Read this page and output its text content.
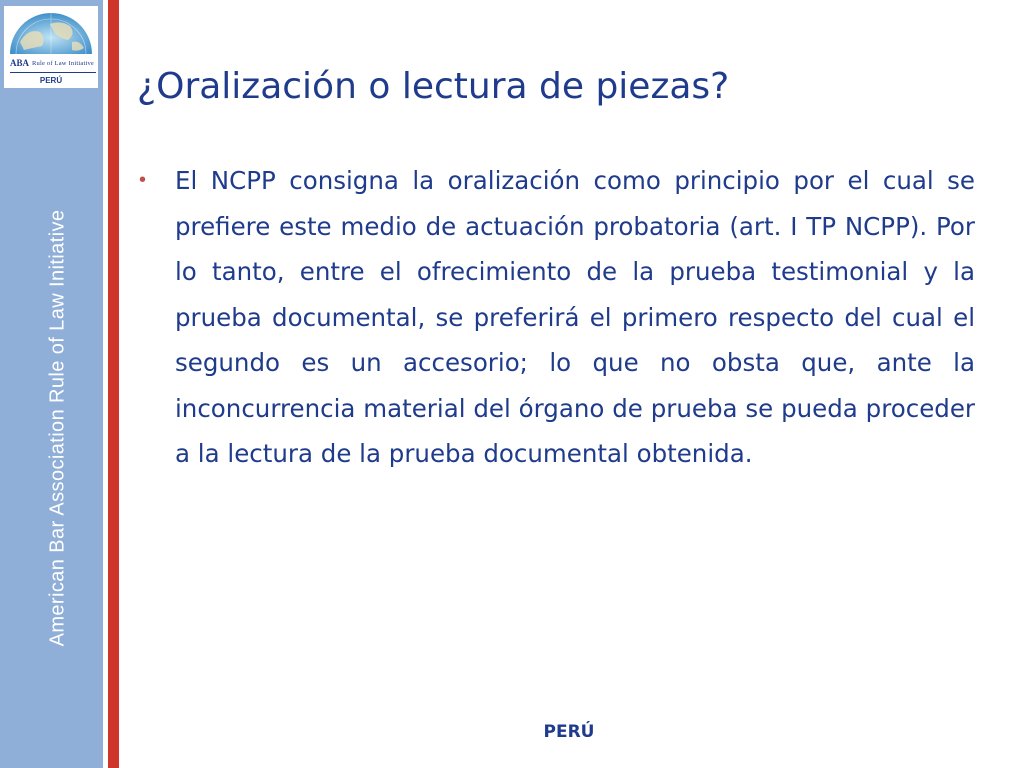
ABA Rule of Law Initiative
PERÚ
American Bar Association Rule of Law Initiative
¿Oralización o lectura de piezas?
• El NCPP consigna la oralización como principio por el cual se prefiere este medio de actuación probatoria (art. I TP NCPP). Por lo tanto, entre el ofrecimiento de la prueba testimonial y la prueba documental, se preferirá el primero respecto del cual el segundo es un accesorio; lo que no obsta que, ante la inconcurrencia material del órgano de prueba se pueda proceder a la lectura de la prueba documental obtenida.

PERÚ
